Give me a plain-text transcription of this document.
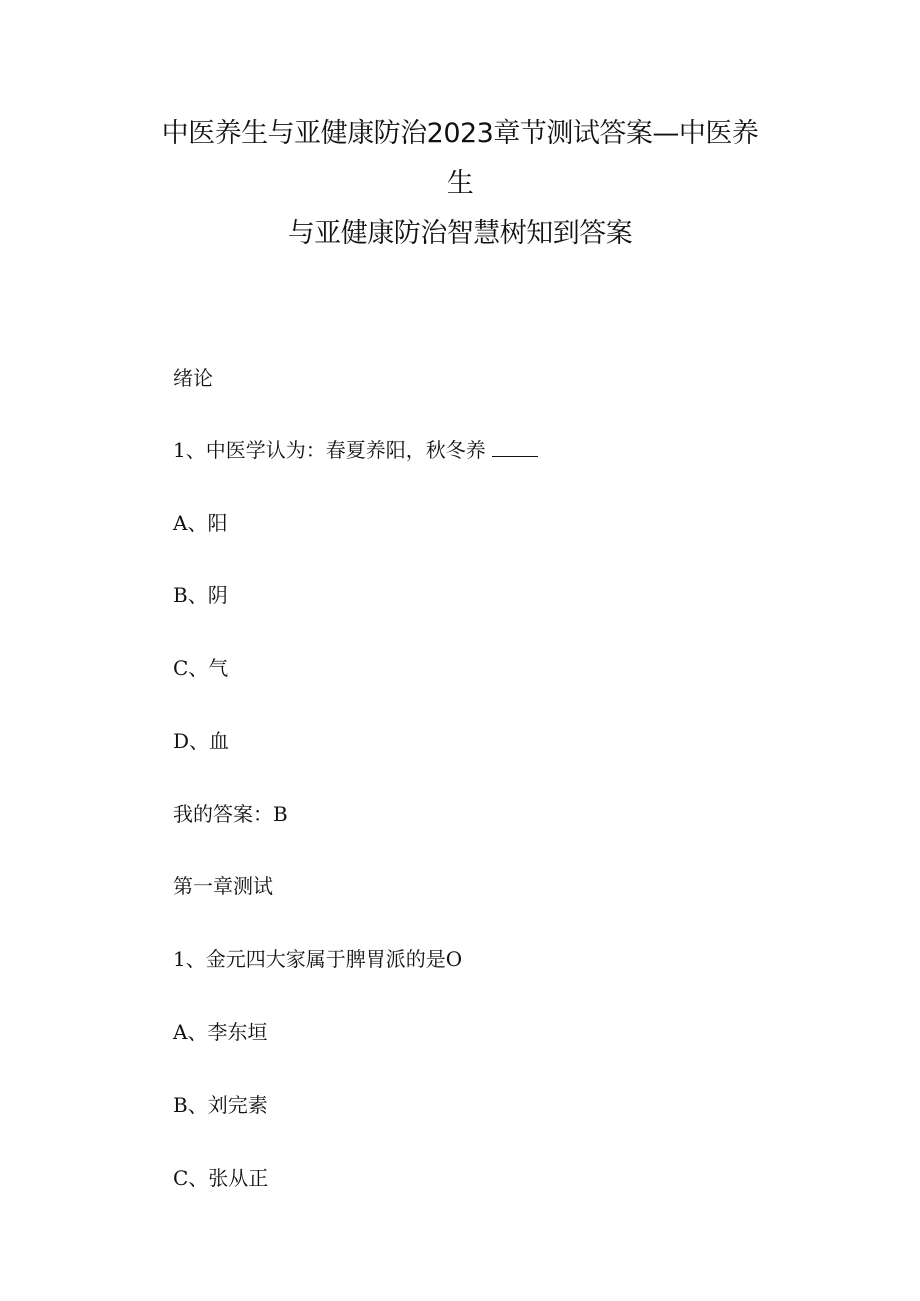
中医养生与亚健康防治2023章节测试答案—中医养
生
与亚健康防治智慧树知到答案
绪论
1、中医学认为：春夏养阳，秋冬养
A、阳
B、阴
C、气
D、血
我的答案：B
第一章测试
1、金元四大家属于脾胃派的是O
A、李东垣
B、刘完素
C、张从正
